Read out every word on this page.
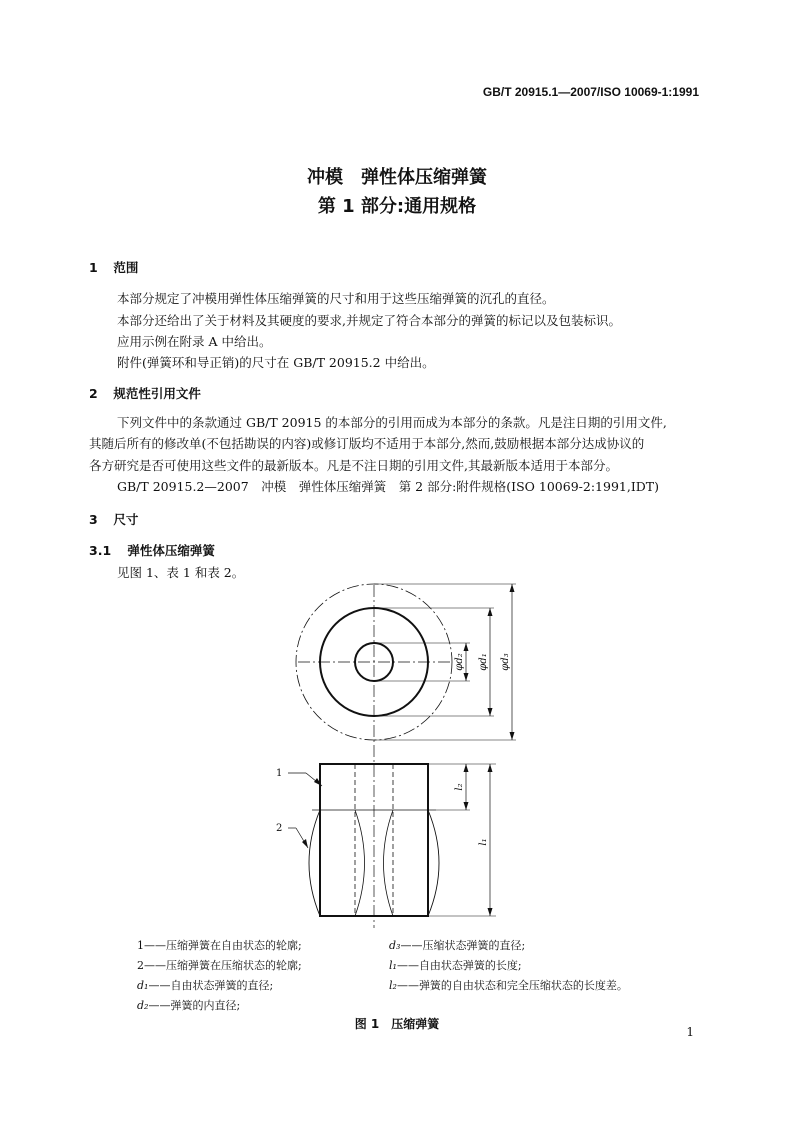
GB/T 20915.1—2007/ISO 10069-1:1991
冲模　弹性体压缩弹簧
第 1 部分:通用规格
1 范围
本部分规定了冲模用弹性体压缩弹簧的尺寸和用于这些压缩弹簧的沉孔的直径。
本部分还给出了关于材料及其硬度的要求,并规定了符合本部分的弹簧的标记以及包装标识。
应用示例在附录 A 中给出。
附件(弹簧环和导正销)的尺寸在 GB/T 20915.2 中给出。
2 规范性引用文件
下列文件中的条款通过 GB/T 20915 的本部分的引用而成为本部分的条款。凡是注日期的引用文件,
其随后所有的修改单(不包括勘误的内容)或修订版均不适用于本部分,然而,鼓励根据本部分达成协议的
各方研究是否可使用这些文件的最新版本。凡是不注日期的引用文件,其最新版本适用于本部分。
GB/T 20915.2—2007　冲模　弹性体压缩弹簧　第 2 部分:附件规格(ISO 10069-2:1991,IDT)
3 尺寸
3.1 弹性体压缩弹簧
见图 1、表 1 和表 2。
φd₂ φd₁ φd₃
l₂
l₁
1
2
1——压缩弹簧在自由状态的轮廓;
2——压缩弹簧在压缩状态的轮廓;
d₁——自由状态弹簧的直径;
d₂——弹簧的内直径;
d₃——压缩状态弹簧的直径;
l₁——自由状态弹簧的长度;
l₂——弹簧的自由状态和完全压缩状态的长度差。
图 1　压缩弹簧
1
